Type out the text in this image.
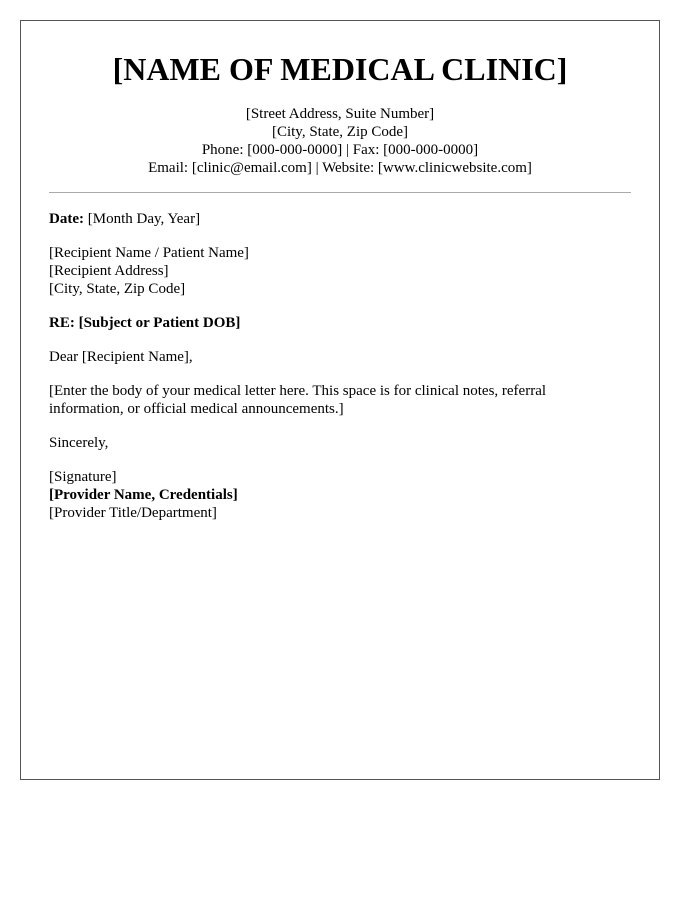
[NAME OF MEDICAL CLINIC]
[Street Address, Suite Number]
[City, State, Zip Code]
Phone: [000-000-0000] | Fax: [000-000-0000]
Email: [clinic@email.com] | Website: [www.clinicwebsite.com]
Date: [Month Day, Year]
[Recipient Name / Patient Name]
[Recipient Address]
[City, State, Zip Code]
RE: [Subject or Patient DOB]
Dear [Recipient Name],
[Enter the body of your medical letter here. This space is for clinical notes, referral
information, or official medical announcements.]
Sincerely,
[Signature]
[Provider Name, Credentials]
[Provider Title/Department]
